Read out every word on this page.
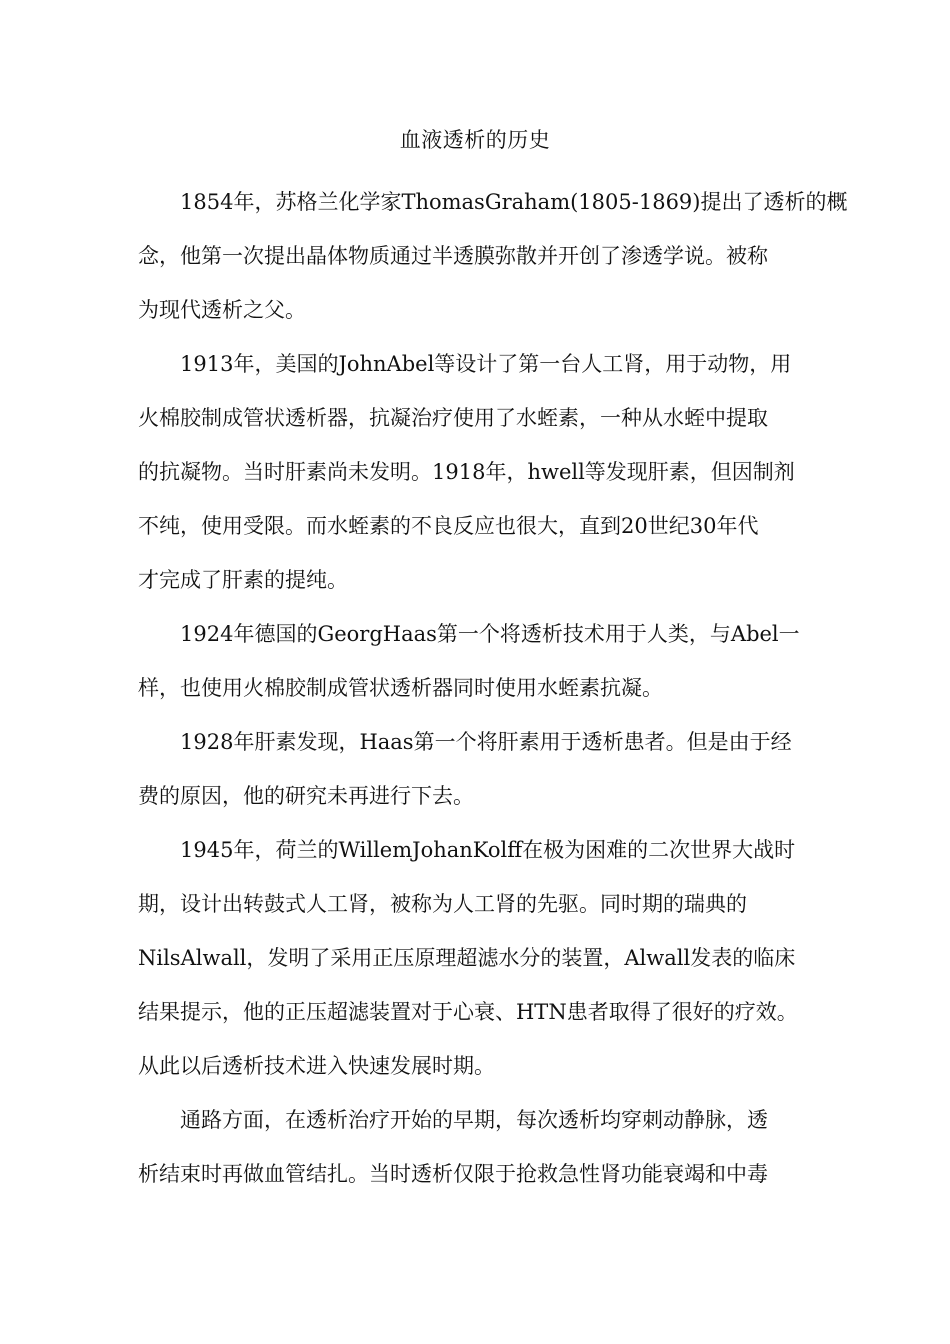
血液透析的历史
1854年，苏格兰化学家ThomasGraham(1805-1869)提出了透析的概
念，他第一次提出晶体物质通过半透膜弥散并开创了渗透学说。被称
为现代透析之父。
1913年，美国的JohnAbel等设计了第一台人工肾，用于动物，用
火棉胶制成管状透析器，抗凝治疗使用了水蛭素，一种从水蛭中提取
的抗凝物。当时肝素尚未发明。1918年，hwell等发现肝素，但因制剂
不纯，使用受限。而水蛭素的不良反应也很大，直到20世纪30年代
才完成了肝素的提纯。
1924年德国的GeorgHaas第一个将透析技术用于人类，与Abel一
样，也使用火棉胶制成管状透析器同时使用水蛭素抗凝。
1928年肝素发现，Haas第一个将肝素用于透析患者。但是由于经
费的原因，他的研究未再进行下去。
1945年，荷兰的WillemJohanKolff在极为困难的二次世界大战时
期，设计出转鼓式人工肾，被称为人工肾的先驱。同时期的瑞典的
NilsAlwall，发明了采用正压原理超滤水分的装置，Alwall发表的临床
结果提示，他的正压超滤装置对于心衰、HTN患者取得了很好的疗效。
从此以后透析技术进入快速发展时期。
通路方面，在透析治疗开始的早期，每次透析均穿刺动静脉，透
析结束时再做血管结扎。当时透析仅限于抢救急性肾功能衰竭和中毒
